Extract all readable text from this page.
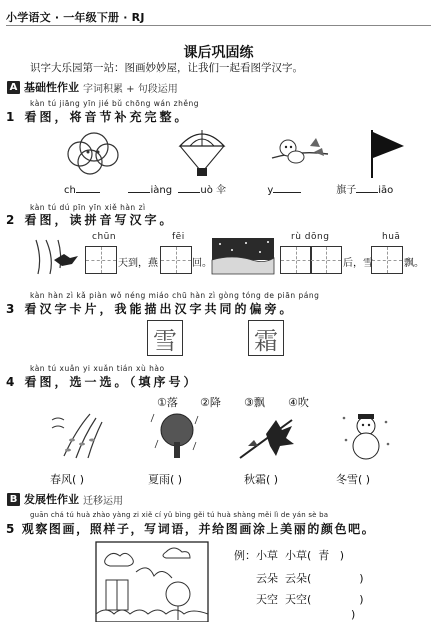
小学语文 · 一年级下册 · RJ
课后巩固练
识字大乐园第一站：图画妙妙屋，让我们一起看图学汉字。
A 基础性作业 字词积累 + 句段运用
kàn tú jiāng yīn jié bǔ chōng wán zhěng
1 看图，将音节补充完整。
ch	iàng	uò 伞	y	旗子 iāo
kàn tú dú pīn yīn xiě hàn zì
2 看图，读拼音写汉字。
chūn
天到，燕
fēi
回。
rù dōng
后，雪
huā
飘。
kàn hàn zì kǎ piàn wǒ néng miáo chū hàn zì gòng tóng de piān páng
3 看汉字卡片，我能描出汉字共同的偏旁。
雪	霜
kàn tú xuǎn yi xuǎn tián xù hào
4 看图，选一选。（填序号）
①落 ②降 ③飘 ④吹
春风( )	夏雨( )	秋霜( )	冬雪( )
B 发展性作业 迁移运用
guān chá tú huà zhào yàng zi xiě cí yǔ bìng gěi tú huà shàng měi lì de yán sè ba
5 观察图画，照样子，写词语，并给图画涂上美丽的颜色吧。
例：小草 小草( 青 )
云朵 云朵(	)
天空 天空(	)
)
